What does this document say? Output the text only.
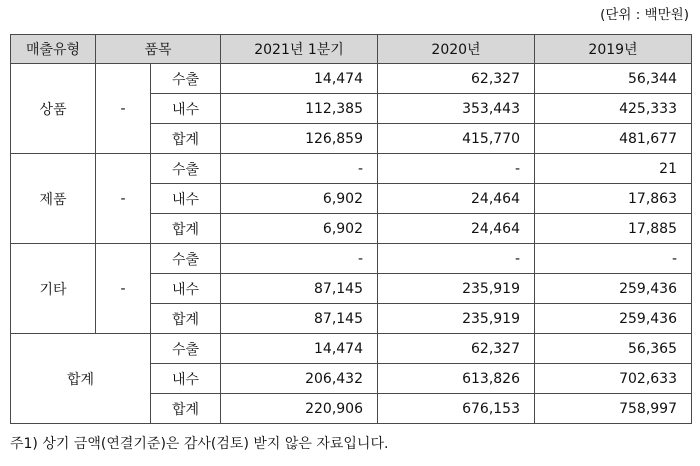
(단위 : 백만원)
매출유형	품목		2021년 1분기	2020년	2019년
상품	-	수출	14,474	62,327	56,344
		내수	112,385	353,443	425,333
		합계	126,859	415,770	481,677
제품	-	수출	-	-	21
		내수	6,902	24,464	17,863
		합계	6,902	24,464	17,885
기타	-	수출	-	-	-
		내수	87,145	235,919	259,436
		합계	87,145	235,919	259,436
합계		수출	14,474	62,327	56,365
		내수	206,432	613,826	702,633
		합계	220,906	676,153	758,997
주1) 상기 금액(연결기준)은 감사(검토) 받지 않은 자료입니다.
